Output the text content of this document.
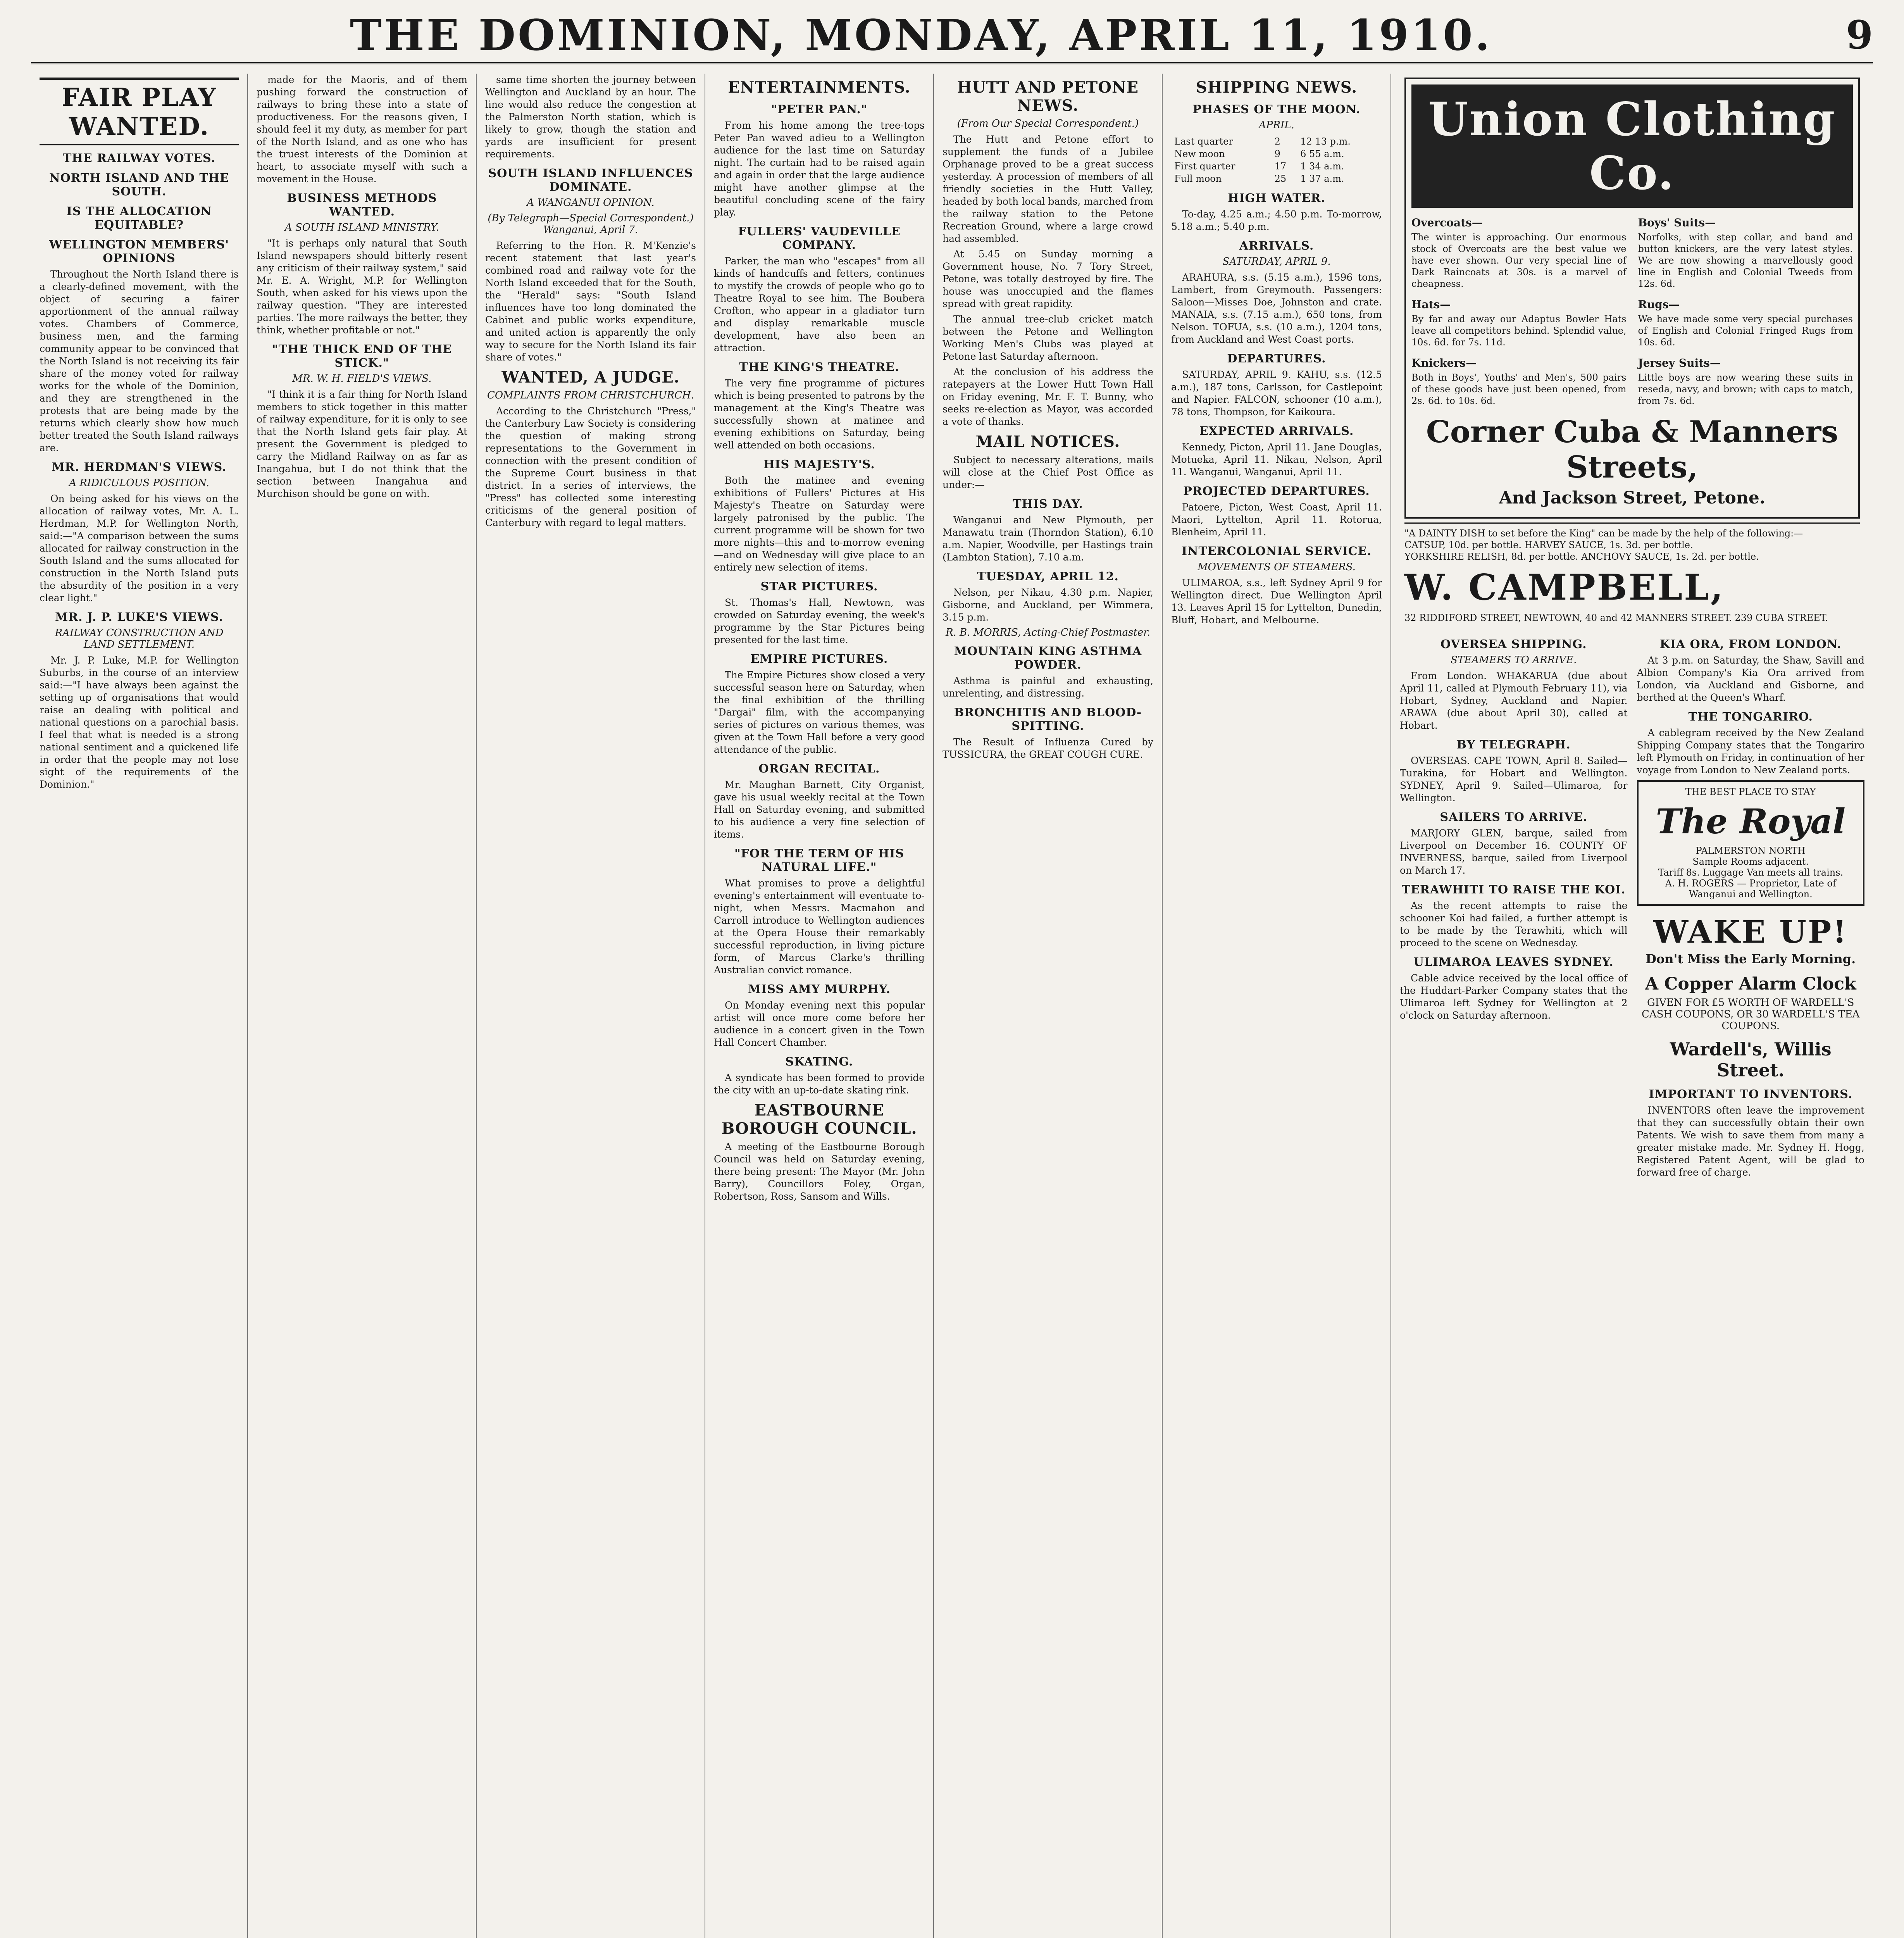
THE DOMINION, MONDAY, APRIL 11, 1910.	9
FAIR PLAY WANTED.
THE RAILWAY VOTES.
NORTH ISLAND AND THE SOUTH.
IS THE ALLOCATION EQUITABLE?
WELLINGTON MEMBERS' OPINIONS

Throughout the North Island there is a clearly-defined movement, with the object of securing a fairer apportionment of the annual railway votes. Chambers of Commerce, business men, and the farming community appear to be convinced that the North Island is not receiving its fair share of the money voted for railway works for the whole of the Dominion, and they are strengthened in the protests that are being made by the returns which clearly show how much better treated the South Island railways are.

MR. HERDMAN'S VIEWS.
A RIDICULOUS POSITION.

On being asked for his views on the allocation of railway votes, Mr. A. L. Herdman, M.P. for Wellington North, said:—"A comparison between the sums allocated for railway construction in the South Island and the sums allocated for construction in the North Island puts the absurdity of the position in a very clear light."

MR. J. P. LUKE'S VIEWS.
RAILWAY CONSTRUCTION AND LAND SETTLEMENT.

Mr. J. P. Luke, M.P. for Wellington Suburbs, in the course of an interview said:—"I have always been against the setting up of organisations that would raise an dealing with political and national questions on a parochial basis. I feel that what is needed is a strong national sentiment and a quickened life in order that the people may not lose sight of the requirements of the Dominion."

made for the Maoris, and of them pushing forward the construction of railways to bring these into a state of productiveness. For the reasons given, I should feel it my duty, as member for part of the North Island, and as one who has the truest interests of the Dominion at heart, to associate myself with such a movement in the House.

BUSINESS METHODS WANTED.
A SOUTH ISLAND MINISTRY.

"It is perhaps only natural that South Island newspapers should bitterly resent any criticism of their railway system," said Mr. E. A. Wright, M.P. for Wellington South, when asked for his views upon the railway question. "They are interested parties. The more railways the better, they think, whether profitable or not."

"THE THICK END OF THE STICK."
MR. W. H. FIELD'S VIEWS.

"I think it is a fair thing for North Island members to stick together in this matter of railway expenditure, for it is only to see that the North Island gets fair play. At present the Government is pledged to carry the Midland Railway on as far as Inangahua, but I do not think that the section between Inangahua and Murchison should be gone on with.

same time shorten the journey between Wellington and Auckland by an hour. The line would also reduce the congestion at the Palmerston North station, which is likely to grow, though the station and yards are insufficient for present requirements.

SOUTH ISLAND INFLUENCES DOMINATE.
A WANGANUI OPINION.
(By Telegraph—Special Correspondent.) Wanganui, April 7.

Referring to the Hon. R. M'Kenzie's recent statement that last year's combined road and railway vote for the North Island exceeded that for the South, the "Herald" says: "South Island influences have too long dominated the Cabinet and public works expenditure, and united action is apparently the only way to secure for the North Island its fair share of votes."

WANTED, A JUDGE.
COMPLAINTS FROM CHRISTCHURCH.

According to the Christchurch "Press," the Canterbury Law Society is considering the question of making strong representations to the Government in connection with the present condition of the Supreme Court business in that district. In a series of interviews, the "Press" has collected some interesting criticisms of the general position of Canterbury with regard to legal matters.

ENTERTAINMENTS.
"PETER PAN."

From his home among the tree-tops Peter Pan waved adieu to a Wellington audience for the last time on Saturday night. The curtain had to be raised again and again in order that the large audience might have another glimpse at the beautiful concluding scene of the fairy play.

FULLERS' VAUDEVILLE COMPANY.

Parker, the man who "escapes" from all kinds of handcuffs and fetters, continues to mystify the crowds of people who go to Theatre Royal to see him. The Boubera Crofton, who appear in a gladiator turn and display remarkable muscle development, have also been an attraction.

THE KING'S THEATRE.

The very fine programme of pictures which is being presented to patrons by the management at the King's Theatre was successfully shown at matinee and evening exhibitions on Saturday, being well attended on both occasions.

HIS MAJESTY'S.

Both the matinee and evening exhibitions of Fullers' Pictures at His Majesty's Theatre on Saturday were largely patronised by the public. The current programme will be shown for two more nights—this and to-morrow evening—and on Wednesday will give place to an entirely new selection of items.

STAR PICTURES.

St. Thomas's Hall, Newtown, was crowded on Saturday evening, the week's programme by the Star Pictures being presented for the last time.

EMPIRE PICTURES.

The Empire Pictures show closed a very successful season here on Saturday, when the final exhibition of the thrilling "Dargai" film, with the accompanying series of pictures on various themes, was given at the Town Hall before a very good attendance of the public.

ORGAN RECITAL.

Mr. Maughan Barnett, City Organist, gave his usual weekly recital at the Town Hall on Saturday evening, and submitted to his audience a very fine selection of items.

"FOR THE TERM OF HIS NATURAL LIFE."

What promises to prove a delightful evening's entertainment will eventuate to-night, when Messrs. Macmahon and Carroll introduce to Wellington audiences at the Opera House their remarkably successful reproduction, in living picture form, of Marcus Clarke's thrilling Australian convict romance.

MISS AMY MURPHY.

On Monday evening next this popular artist will once more come before her audience in a concert given in the Town Hall Concert Chamber.

SKATING.

A syndicate has been formed to provide the city with an up-to-date skating rink.

EASTBOURNE BOROUGH COUNCIL.

A meeting of the Eastbourne Borough Council was held on Saturday evening, there being present: The Mayor (Mr. John Barry), Councillors Foley, Organ, Robertson, Ross, Sansom and Wills.

HUTT AND PETONE NEWS.
(From Our Special Correspondent.)

The Hutt and Petone effort to supplement the funds of a Jubilee Orphanage proved to be a great success yesterday. A procession of members of all friendly societies in the Hutt Valley, headed by both local bands, marched from the railway station to the Petone Recreation Ground, where a large crowd had assembled.

At 5.45 on Sunday morning a Government house, No. 7 Tory Street, Petone, was totally destroyed by fire. The house was unoccupied and the flames spread with great rapidity.

The annual tree-club cricket match between the Petone and Wellington Working Men's Clubs was played at Petone last Saturday afternoon.

At the conclusion of his address the ratepayers at the Lower Hutt Town Hall on Friday evening, Mr. F. T. Bunny, who seeks re-election as Mayor, was accorded a vote of thanks.

MAIL NOTICES.

Subject to necessary alterations, mails will close at the Chief Post Office as under:—

THIS DAY.

Wanganui and New Plymouth, per Manawatu train (Thorndon Station), 6.10 a.m. Napier, Woodville, per Hastings train (Lambton Station), 7.10 a.m.

TUESDAY, APRIL 12.

Nelson, per Nikau, 4.30 p.m. Napier, Gisborne, and Auckland, per Wimmera, 3.15 p.m.

R. B. MORRIS, Acting-Chief Postmaster.
MOUNTAIN KING ASTHMA POWDER.

Asthma is painful and exhausting, unrelenting, and distressing.

BRONCHITIS AND BLOOD-SPITTING.

The Result of Influenza Cured by TUSSICURA, the GREAT COUGH CURE.

SHIPPING NEWS.
PHASES OF THE MOON.
APRIL.
Last quarter	2	12 13 p.m.
New moon	9	6 55 a.m.
First quarter	17	1 34 a.m.
Full moon	25	1 37 a.m.
HIGH WATER.

To-day, 4.25 a.m.; 4.50 p.m. To-morrow, 5.18 a.m.; 5.40 p.m.

ARRIVALS.
SATURDAY, APRIL 9.

ARAHURA, s.s. (5.15 a.m.), 1596 tons, Lambert, from Greymouth. Passengers: Saloon—Misses Doe, Johnston and crate. MANAIA, s.s. (7.15 a.m.), 650 tons, from Nelson. TOFUA, s.s. (10 a.m.), 1204 tons, from Auckland and West Coast ports.

DEPARTURES.

SATURDAY, APRIL 9. KAHU, s.s. (12.5 a.m.), 187 tons, Carlsson, for Castlepoint and Napier. FALCON, schooner (10 a.m.), 78 tons, Thompson, for Kaikoura.

EXPECTED ARRIVALS.

Kennedy, Picton, April 11. Jane Douglas, Motueka, April 11. Nikau, Nelson, April 11. Wanganui, Wanganui, April 11.

PROJECTED DEPARTURES.

Patoere, Picton, West Coast, April 11. Maori, Lyttelton, April 11. Rotorua, Blenheim, April 11.

INTERCOLONIAL SERVICE.
MOVEMENTS OF STEAMERS.

ULIMAROA, s.s., left Sydney April 9 for Wellington direct. Due Wellington April 13. Leaves April 15 for Lyttelton, Dunedin, Bluff, Hobart, and Melbourne.

Union Clothing Co.
Overcoats—

The winter is approaching. Our enormous stock of Overcoats are the best value we have ever shown. Our very special line of Dark Raincoats at 30s. is a marvel of cheapness.

Boys' Suits—

Norfolks, with step collar, and band and button knickers, are the very latest styles. We are now showing a marvellously good line in English and Colonial Tweeds from 12s. 6d.

Hats—

By far and away our Adaptus Bowler Hats leave all competitors behind. Splendid value, 10s. 6d. for 7s. 11d.

Rugs—

We have made some very special purchases of English and Colonial Fringed Rugs from 10s. 6d.

Knickers—

Both in Boys', Youths' and Men's, 500 pairs of these goods have just been opened, from 2s. 6d. to 10s. 6d.

Jersey Suits—

Little boys are now wearing these suits in reseda, navy, and brown; with caps to match, from 7s. 6d.

Corner Cuba & Manners Streets,
And Jackson Street, Petone.
"A DAINTY DISH to set before the King" can be made by the help of the following:—
CATSUP, 10d. per bottle. HARVEY SAUCE, 1s. 3d. per bottle.
YORKSHIRE RELISH, 8d. per bottle. ANCHOVY SAUCE, 1s. 2d. per bottle.
W. CAMPBELL,
32 RIDDIFORD STREET, NEWTOWN, 40 and 42 MANNERS STREET. 239 CUBA STREET.
OVERSEA SHIPPING.
STEAMERS TO ARRIVE.

From London. WHAKARUA (due about April 11, called at Plymouth February 11), via Hobart, Sydney, Auckland and Napier. ARAWA (due about April 30), called at Hobart.

BY TELEGRAPH.

OVERSEAS. CAPE TOWN, April 8. Sailed—Turakina, for Hobart and Wellington. SYDNEY, April 9. Sailed—Ulimaroa, for Wellington.

SAILERS TO ARRIVE.

MARJORY GLEN, barque, sailed from Liverpool on December 16. COUNTY OF INVERNESS, barque, sailed from Liverpool on March 17.

TERAWHITI TO RAISE THE KOI.

As the recent attempts to raise the schooner Koi had failed, a further attempt is to be made by the Terawhiti, which will proceed to the scene on Wednesday.

ULIMAROA LEAVES SYDNEY.

Cable advice received by the local office of the Huddart-Parker Company states that the Ulimaroa left Sydney for Wellington at 2 o'clock on Saturday afternoon.

KIA ORA, FROM LONDON.

At 3 p.m. on Saturday, the Shaw, Savill and Albion Company's Kia Ora arrived from London, via Auckland and Gisborne, and berthed at the Queen's Wharf.

THE TONGARIRO.

A cablegram received by the New Zealand Shipping Company states that the Tongariro left Plymouth on Friday, in continuation of her voyage from London to New Zealand ports.

THE BEST PLACE TO STAY
The Royal
PALMERSTON NORTH
Sample Rooms adjacent.
Tariff 8s. Luggage Van meets all trains.
A. H. ROGERS — Proprietor, Late of Wanganui and Wellington.
WAKE UP!
Don't Miss the Early Morning.
A Copper Alarm Clock
GIVEN FOR £5 WORTH OF WARDELL'S CASH COUPONS, OR 30 WARDELL'S TEA COUPONS.
Wardell's, Willis Street.
IMPORTANT TO INVENTORS.

INVENTORS often leave the improvement that they can successfully obtain their own Patents. We wish to save them from many a greater mistake made. Mr. Sydney H. Hogg, Registered Patent Agent, will be glad to forward free of charge.
